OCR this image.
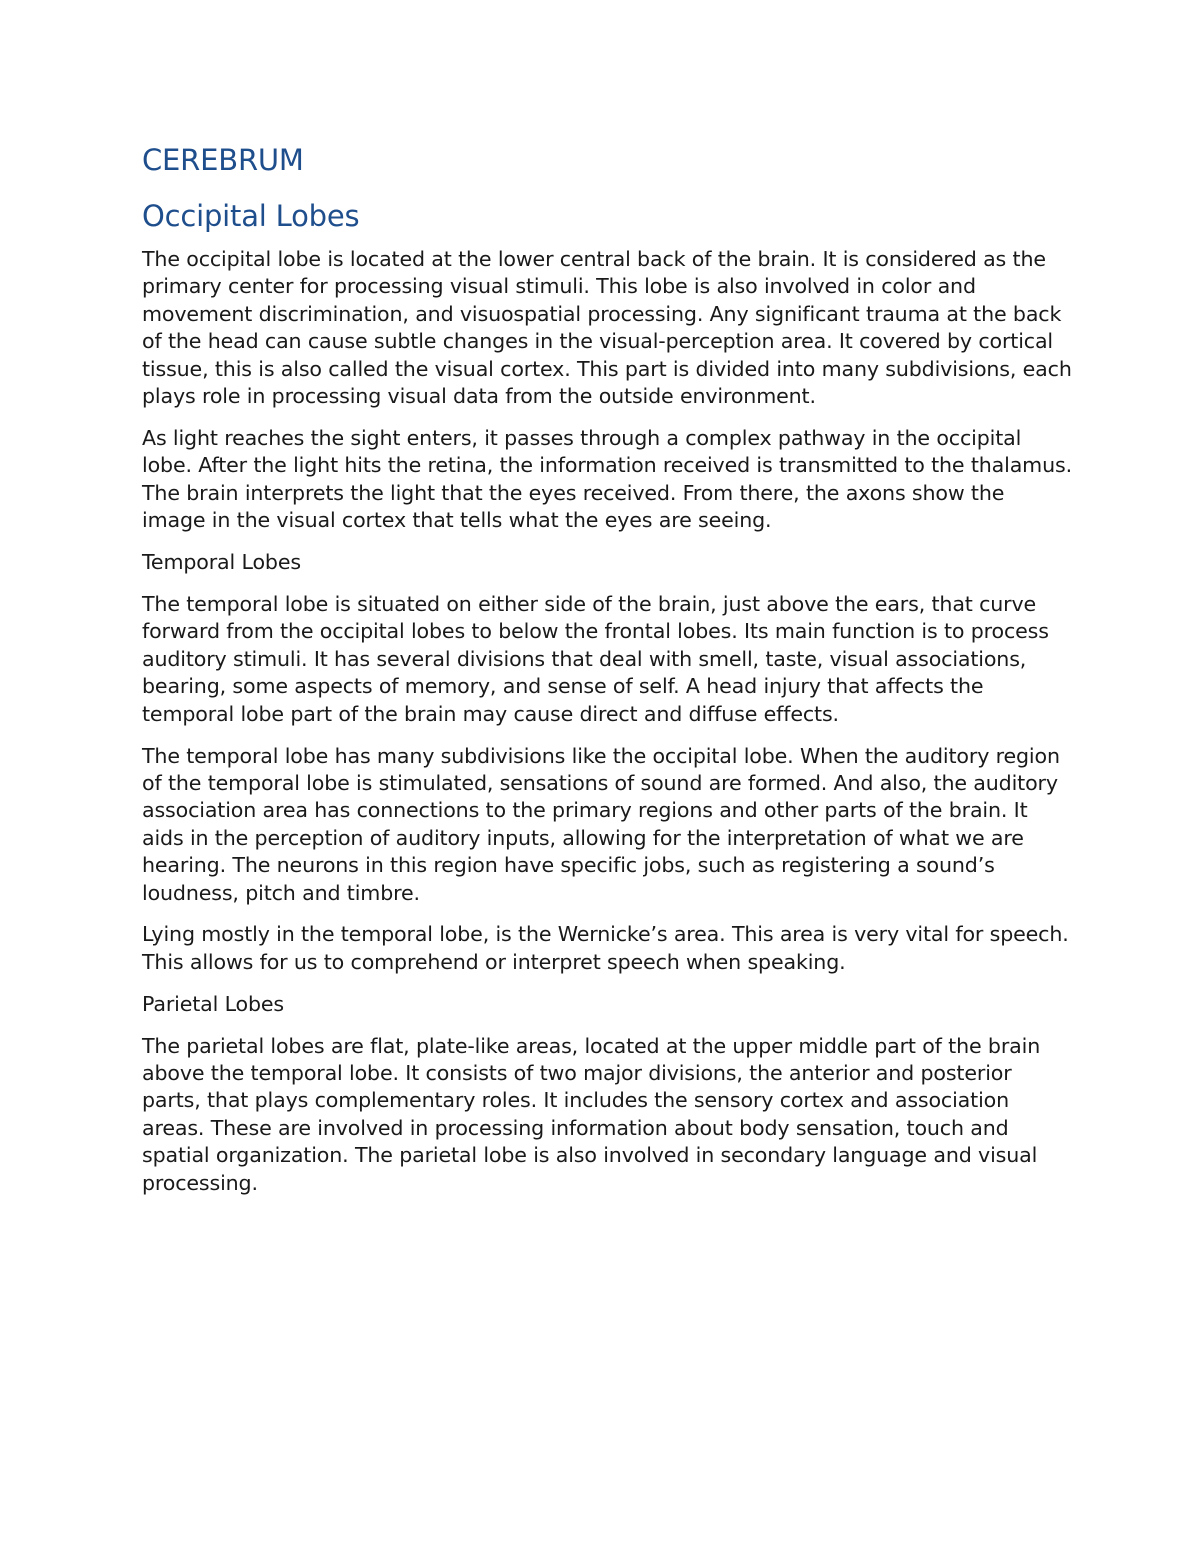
CEREBRUM
Occipital Lobes

The occipital lobe is located at the lower central back of the brain. It is considered as the primary center for processing visual stimuli. This lobe is also involved in color and movement discrimination, and visuospatial processing. Any significant trauma at the back of the head can cause subtle changes in the visual-perception area. It covered by cortical tissue, this is also called the visual cortex. This part is divided into many subdivisions, each plays role in processing visual data from the outside environment.

As light reaches the sight enters, it passes through a complex pathway in the occipital lobe. After the light hits the retina, the information received is transmitted to the thalamus. The brain interprets the light that the eyes received. From there, the axons show the image in the visual cortex that tells what the eyes are seeing.

Temporal Lobes

The temporal lobe is situated on either side of the brain, just above the ears, that curve forward from the occipital lobes to below the frontal lobes. Its main function is to process auditory stimuli. It has several divisions that deal with smell, taste, visual associations, bearing, some aspects of memory, and sense of self. A head injury that affects the temporal lobe part of the brain may cause direct and diffuse effects.

The temporal lobe has many subdivisions like the occipital lobe. When the auditory region of the temporal lobe is stimulated, sensations of sound are formed. And also, the auditory association area has connections to the primary regions and other parts of the brain. It aids in the perception of auditory inputs, allowing for the interpretation of what we are hearing. The neurons in this region have specific jobs, such as registering a sound’s loudness, pitch and timbre.

Lying mostly in the temporal lobe, is the Wernicke’s area. This area is very vital for speech. This allows for us to comprehend or interpret speech when speaking.

Parietal Lobes

The parietal lobes are flat, plate-like areas, located at the upper middle part of the brain above the temporal lobe. It consists of two major divisions, the anterior and posterior parts, that plays complementary roles. It includes the sensory cortex and association areas. These are involved in processing information about body sensation, touch and spatial organization. The parietal lobe is also involved in secondary language and visual processing.
